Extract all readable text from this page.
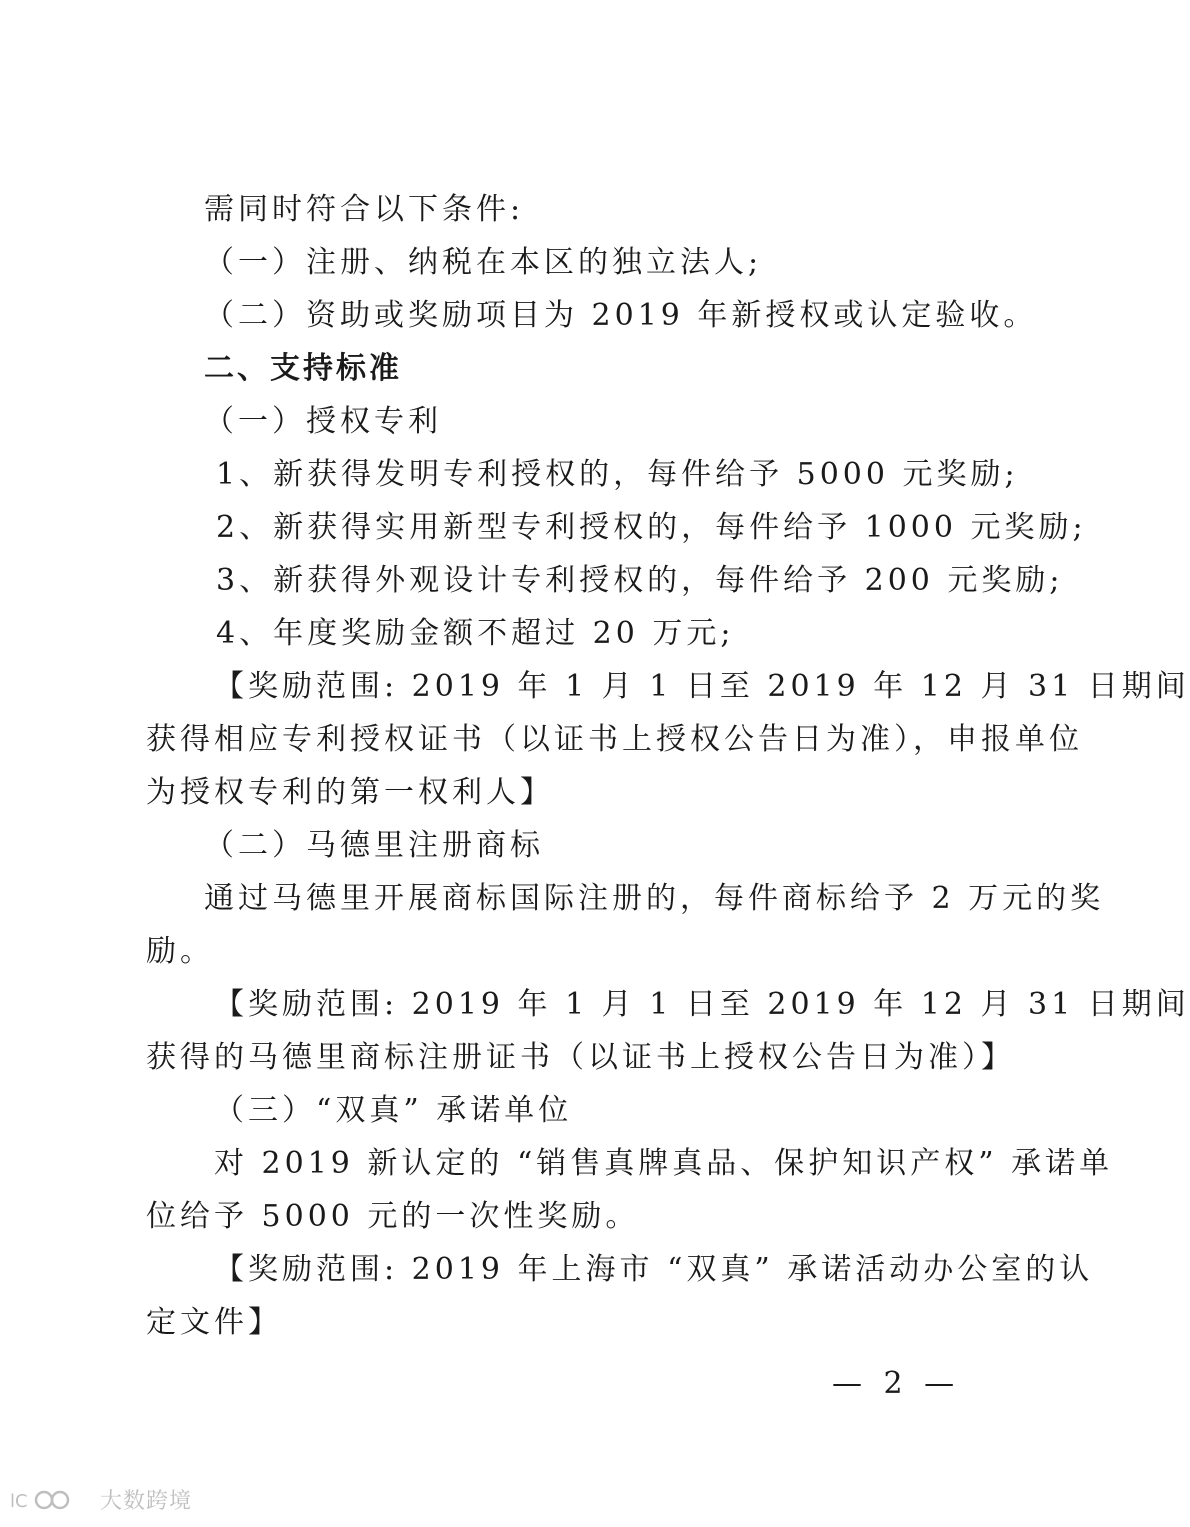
需同时符合以下条件:
（一）注册、纳税在本区的独立法人;
（二）资助或奖励项目为 2019 年新授权或认定验收。
二、支持标准
（一）授权专利
1、新获得发明专利授权的，每件给予 5000 元奖励;
2、新获得实用新型专利授权的，每件给予 1000 元奖励;
3、新获得外观设计专利授权的，每件给予 200 元奖励;
4、年度奖励金额不超过 20 万元;
【奖励范围: 2019 年 1 月 1 日至 2019 年 12 月 31 日期间
获得相应专利授权证书（以证书上授权公告日为准），申报单位
为授权专利的第一权利人】
（二）马德里注册商标
通过马德里开展商标国际注册的，每件商标给予 2 万元的奖
励。
【奖励范围: 2019 年 1 月 1 日至 2019 年 12 月 31 日期间
获得的马德里商标注册证书（以证书上授权公告日为准）】
（三）“双真” 承诺单位
对 2019 新认定的 “销售真牌真品、保护知识产权” 承诺单
位给予 5000 元的一次性奖励。
【奖励范围: 2019 年上海市 “双真” 承诺活动办公室的认
定文件】
— 2 —
lC	大数跨境
